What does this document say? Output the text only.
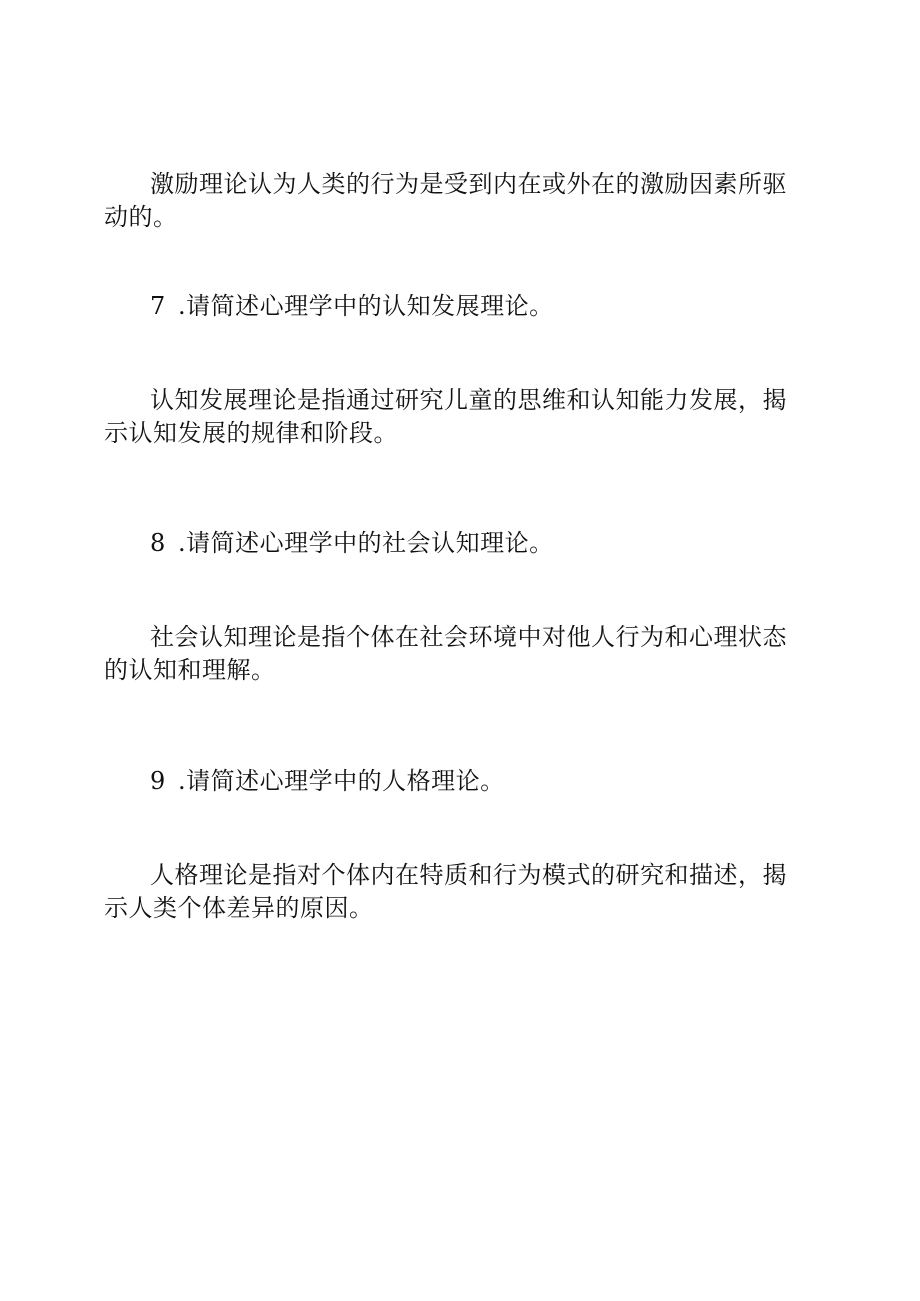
激励理论认为人类的行为是受到内在或外在的激励因素所驱动的。
7 .请简述心理学中的认知发展理论。
认知发展理论是指通过研究儿童的思维和认知能力发展，揭示认知发展的规律和阶段。
8 .请简述心理学中的社会认知理论。
社会认知理论是指个体在社会环境中对他人行为和心理状态的认知和理解。
9 .请简述心理学中的人格理论。
人格理论是指对个体内在特质和行为模式的研究和描述，揭示人类个体差异的原因。
